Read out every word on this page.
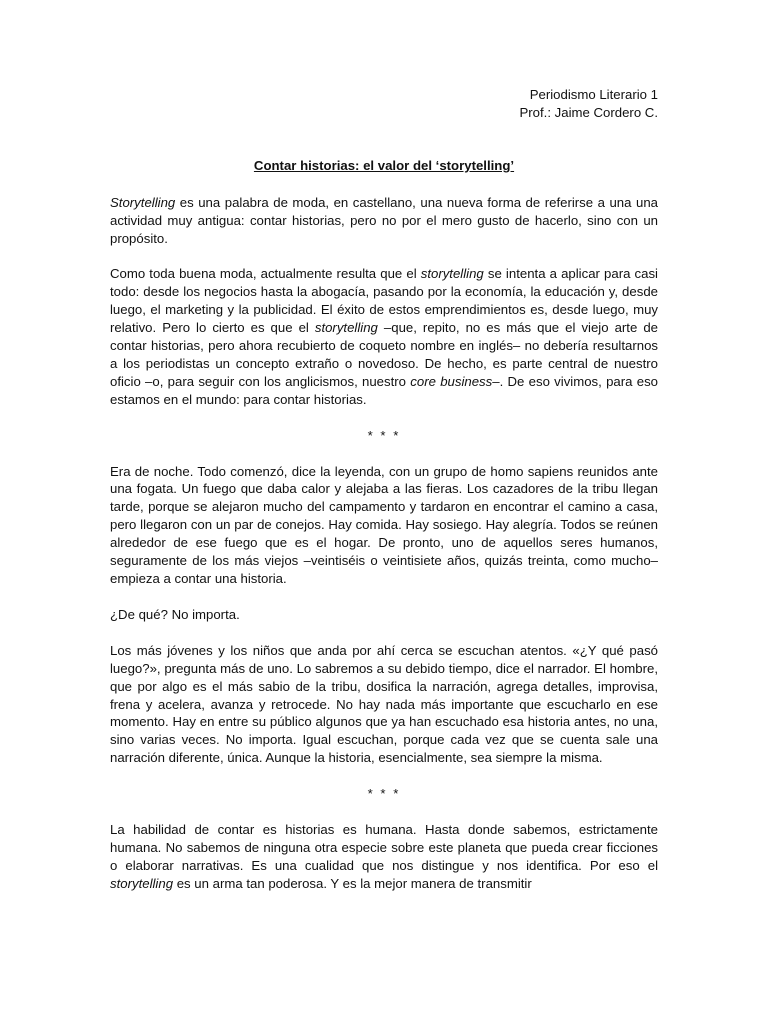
Periodismo Literario 1
Prof.: Jaime Cordero C.
Contar historias: el valor del ‘storytelling’

Storytelling es una palabra de moda, en castellano, una nueva forma de referirse a una una actividad muy antigua: contar historias, pero no por el mero gusto de hacerlo, sino con un propósito.

Como toda buena moda, actualmente resulta que el storytelling se intenta a aplicar para casi todo: desde los negocios hasta la abogacía, pasando por la economía, la educación y, desde luego, el marketing y la publicidad. El éxito de estos emprendimientos es, desde luego, muy relativo. Pero lo cierto es que el storytelling –que, repito, no es más que el viejo arte de contar historias, pero ahora recubierto de coqueto nombre en inglés– no debería resultarnos a los periodistas un concepto extraño o novedoso. De hecho, es parte central de nuestro oficio –o, para seguir con los anglicismos, nuestro core business–. De eso vivimos, para eso estamos en el mundo: para contar historias.

* * *

Era de noche. Todo comenzó, dice la leyenda, con un grupo de homo sapiens reunidos ante una fogata. Un fuego que daba calor y alejaba a las fieras. Los cazadores de la tribu llegan tarde, porque se alejaron mucho del campamento y tardaron en encontrar el camino a casa, pero llegaron con un par de conejos. Hay comida. Hay sosiego. Hay alegría. Todos se reúnen alrededor de ese fuego que es el hogar. De pronto, uno de aquellos seres humanos, seguramente de los más viejos –veintiséis o veintisiete años, quizás treinta, como mucho– empieza a contar una historia.

¿De qué? No importa.

Los más jóvenes y los niños que anda por ahí cerca se escuchan atentos. «¿Y qué pasó luego?», pregunta más de uno. Lo sabremos a su debido tiempo, dice el narrador. El hombre, que por algo es el más sabio de la tribu, dosifica la narración, agrega detalles, improvisa, frena y acelera, avanza y retrocede. No hay nada más importante que escucharlo en ese momento. Hay en entre su público algunos que ya han escuchado esa historia antes, no una, sino varias veces. No importa. Igual escuchan, porque cada vez que se cuenta sale una narración diferente, única. Aunque la historia, esencialmente, sea siempre la misma.

* * *

La habilidad de contar es historias es humana. Hasta donde sabemos, estrictamente humana. No sabemos de ninguna otra especie sobre este planeta que pueda crear ficciones o elaborar narrativas. Es una cualidad que nos distingue y nos identifica. Por eso el storytelling es un arma tan poderosa. Y es la mejor manera de transmitir
